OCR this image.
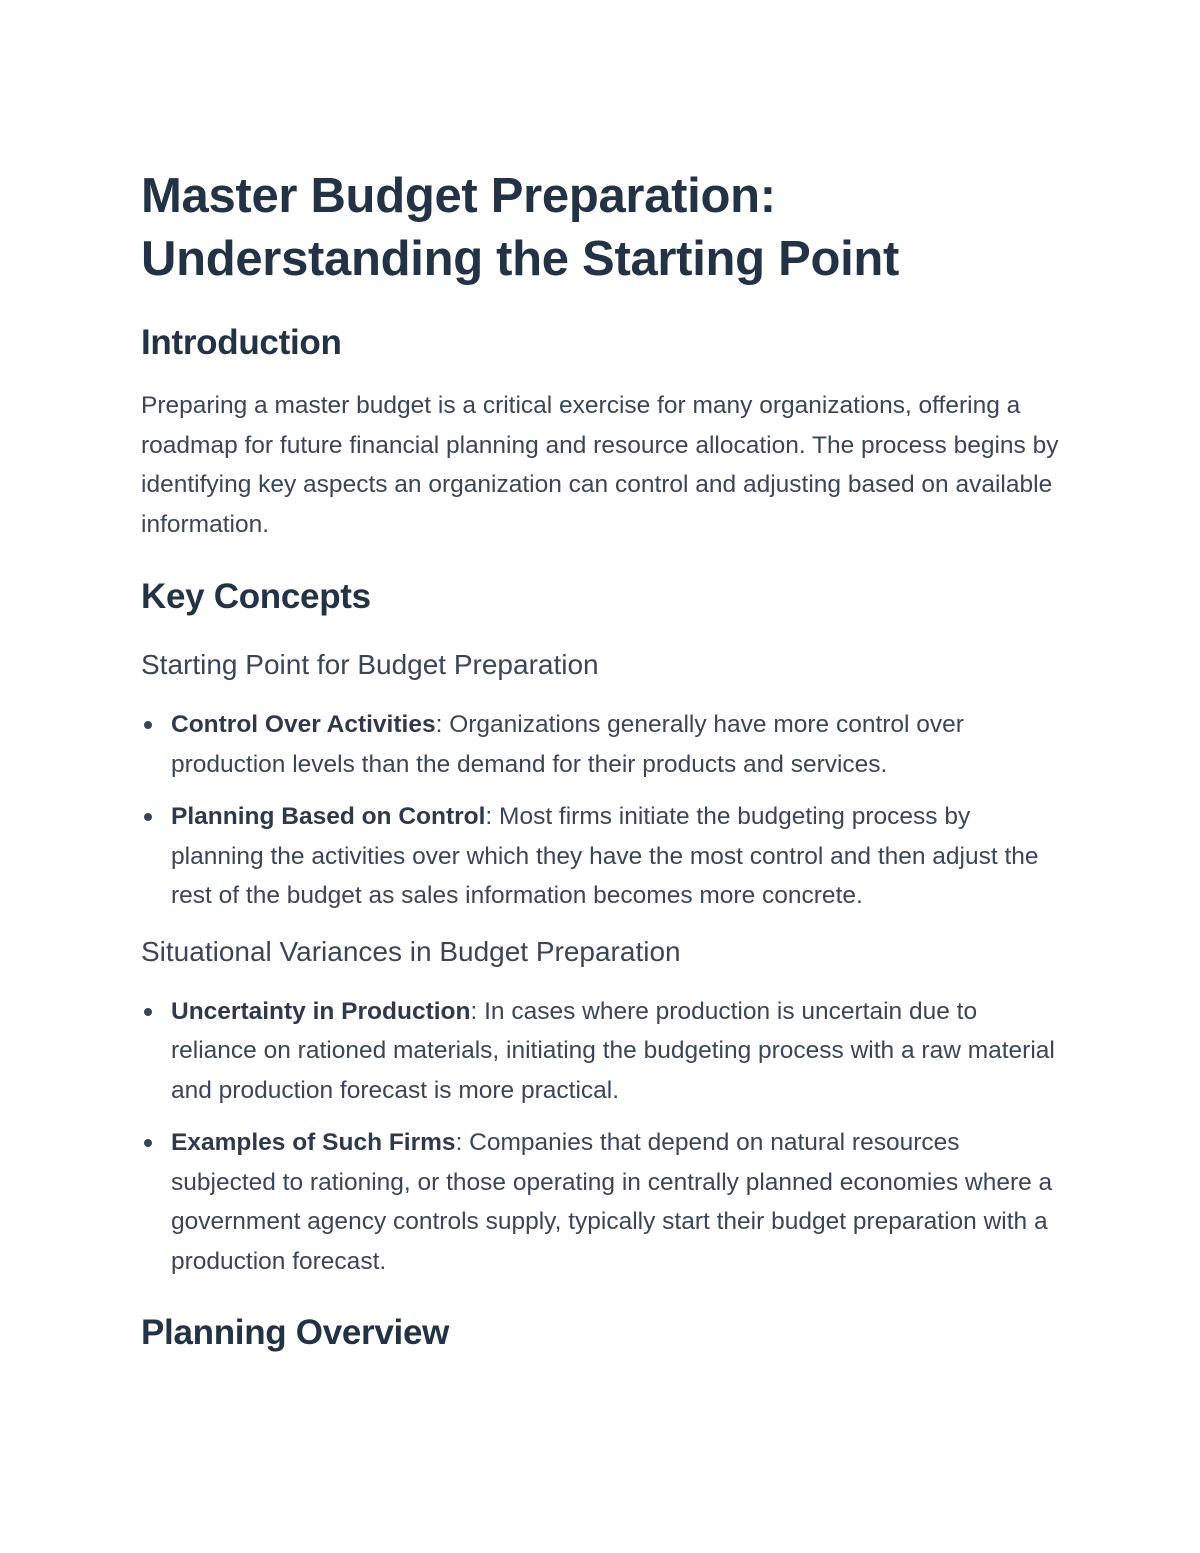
Master Budget Preparation:
Understanding the Starting Point
Introduction

Preparing a master budget is a critical exercise for many organizations, offering a roadmap for future financial planning and resource allocation. The process begins by identifying key aspects an organization can control and adjusting based on available information.

Key Concepts
Starting Point for Budget Preparation
Control Over Activities: Organizations generally have more control over production levels than the demand for their products and services.
Planning Based on Control: Most firms initiate the budgeting process by planning the activities over which they have the most control and then adjust the rest of the budget as sales information becomes more concrete.
Situational Variances in Budget Preparation
Uncertainty in Production: In cases where production is uncertain due to reliance on rationed materials, initiating the budgeting process with a raw material and production forecast is more practical.
Examples of Such Firms: Companies that depend on natural resources subjected to rationing, or those operating in centrally planned economies where a government agency controls supply, typically start their budget preparation with a production forecast.
Planning Overview
